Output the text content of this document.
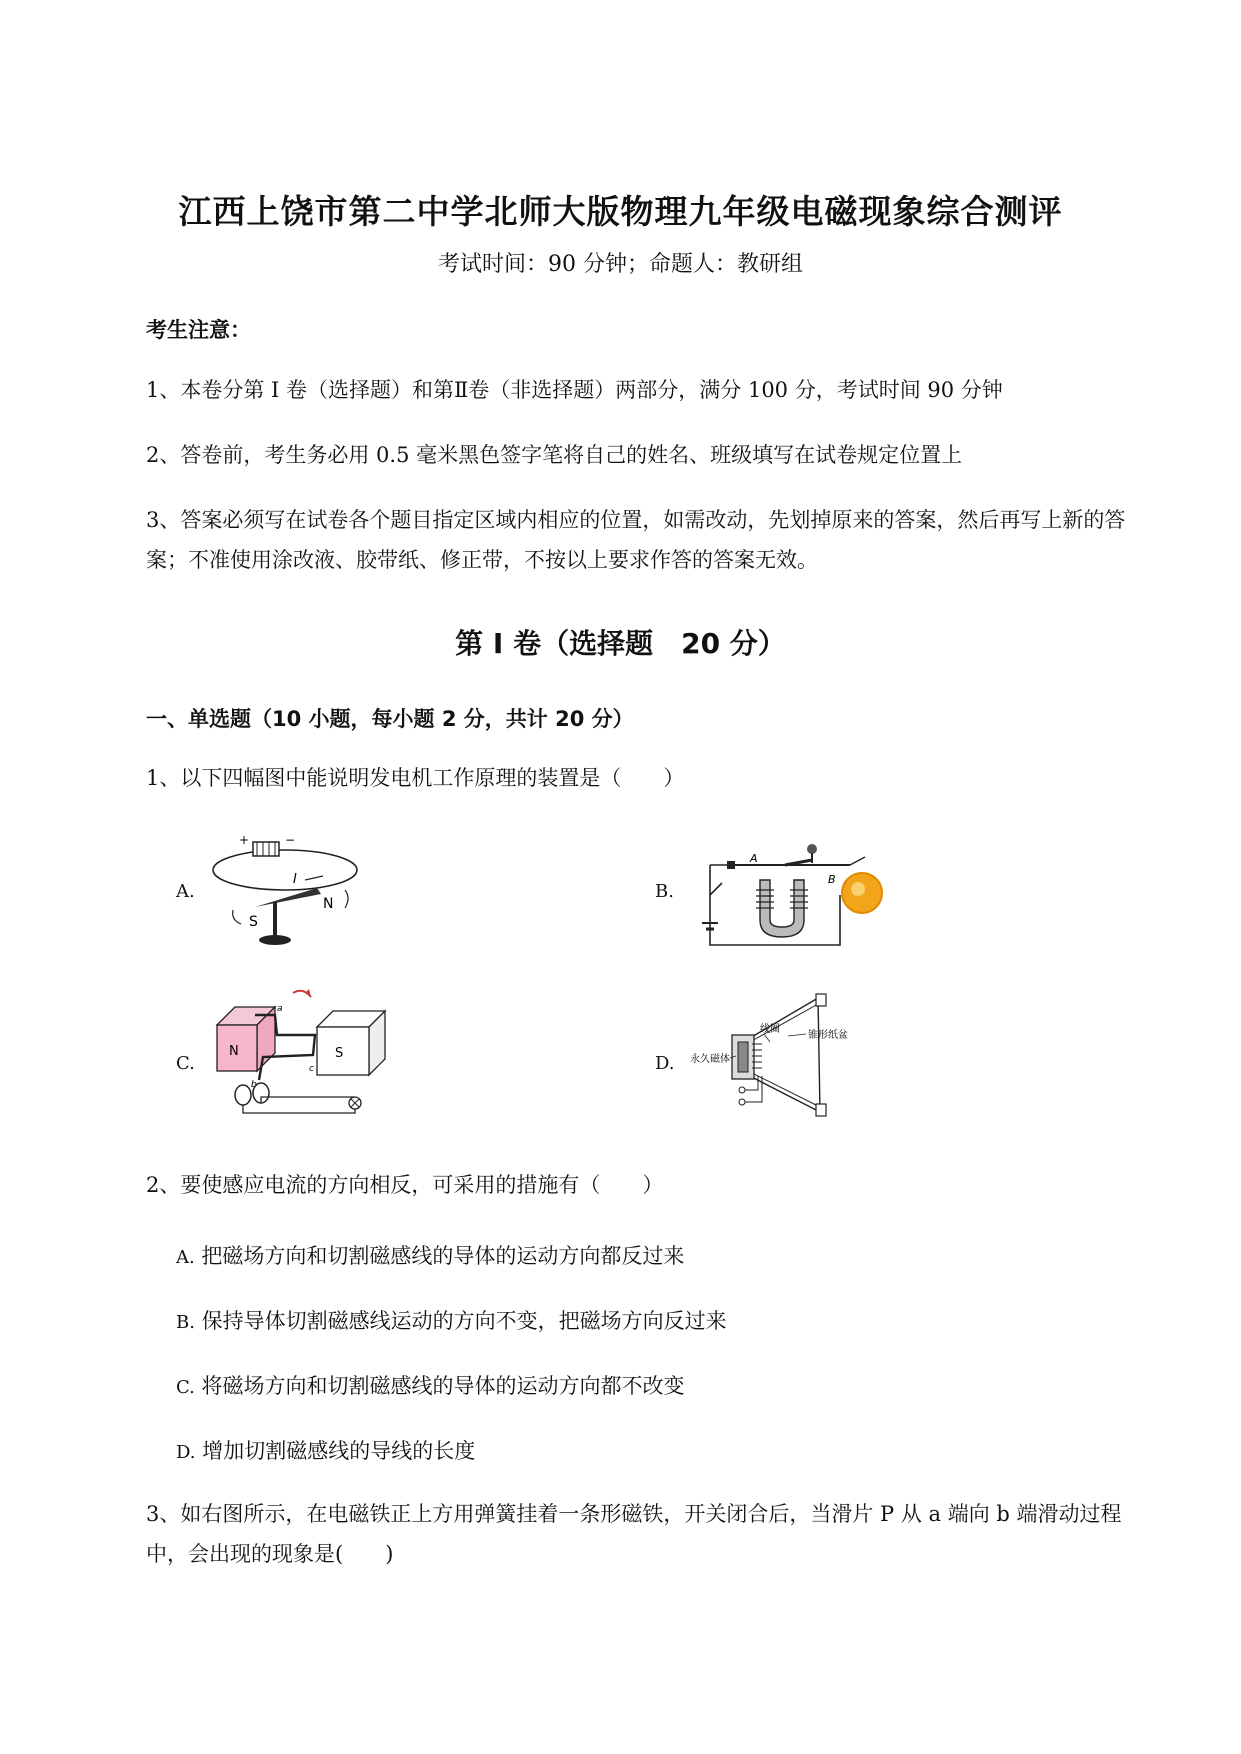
江西上饶市第二中学北师大版物理九年级电磁现象综合测评
考试时间：90 分钟；命题人：教研组
考生注意：
1、本卷分第 I 卷（选择题）和第Ⅱ卷（非选择题）两部分，满分 100 分，考试时间 90 分钟
2、答卷前，考生务必用 0.5 毫米黑色签字笔将自己的姓名、班级填写在试卷规定位置上
3、答案必须写在试卷各个题目指定区域内相应的位置，如需改动，先划掉原来的答案，然后再写上新的答案；不准使用涂改液、胶带纸、修正带，不按以上要求作答的答案无效。
第 I 卷（选择题　20 分）
一、单选题（10 小题，每小题 2 分，共计 20 分）
1、以下四幅图中能说明发电机工作原理的装置是（　　）
A.
+	−
I
S
N
B.
A
B
C.
N	S
a
b
c	D.
线圈
锥形纸盆
永久磁体
2、要使感应电流的方向相反，可采用的措施有（　　）
A. 把磁场方向和切割磁感线的导体的运动方向都反过来
B. 保持导体切割磁感线运动的方向不变，把磁场方向反过来
C. 将磁场方向和切割磁感线的导体的运动方向都不改变
D. 增加切割磁感线的导线的长度
3、如右图所示，在电磁铁正上方用弹簧挂着一条形磁铁，开关闭合后，当滑片 P 从 a 端向 b 端滑动过程中，会出现的现象是(　　)
